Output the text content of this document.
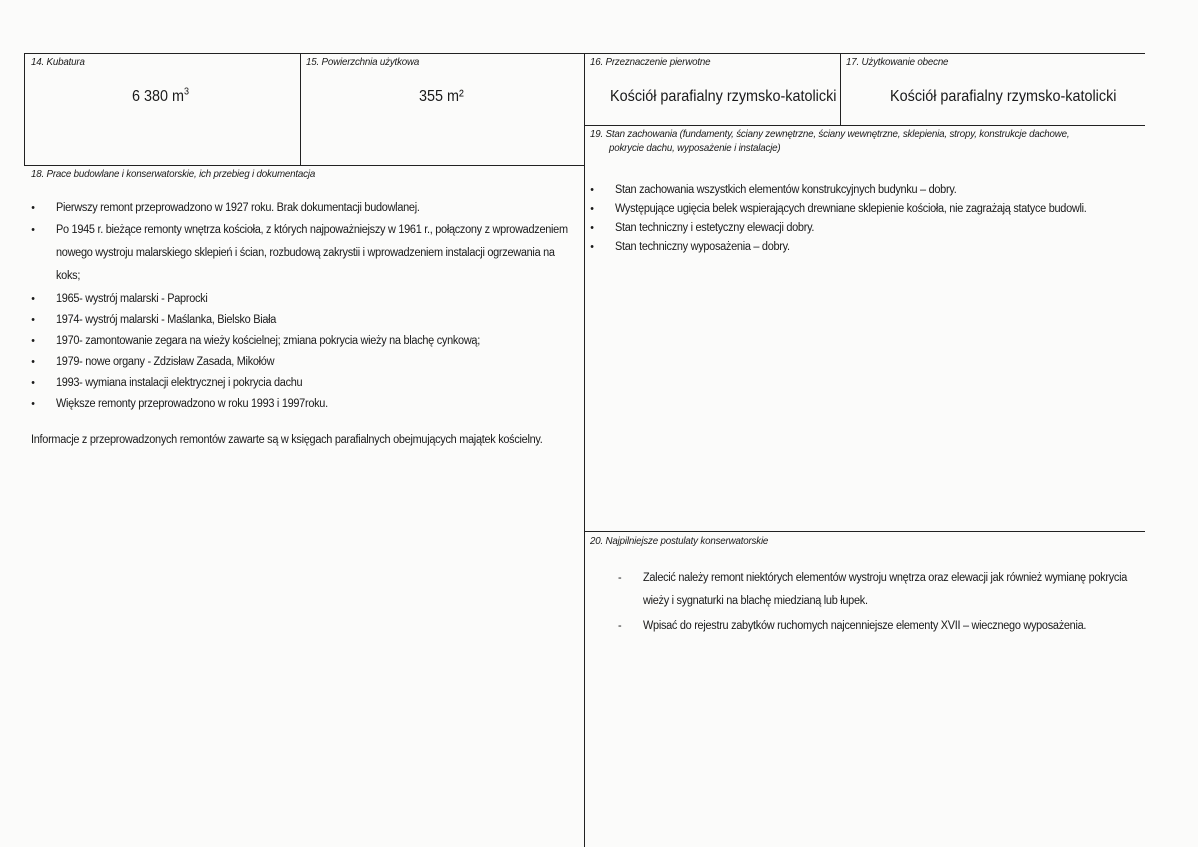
14. Kubatura
6 380 $m^3$
15. Powierzchnia użytkowa
355 m²
16. Przeznaczenie pierwotne
Kościół parafialny rzymsko-katolicki
17. Użytkowanie obecne
Kościół parafialny rzymsko-katolicki
19. Stan zachowania (fundamenty, ściany zewnętrzne, ściany wewnętrzne, sklepienia, stropy, konstrukcje dachowe,
pokrycie dachu, wyposażenie i instalacje)
• Stan zachowania wszystkich elementów konstrukcyjnych budynku – dobry.
• Występujące ugięcia belek wspierających drewniane sklepienie kościoła, nie zagrażają statyce budowli.
• Stan techniczny i estetyczny elewacji dobry.
• Stan techniczny wyposażenia – dobry.
18. Prace budowlane i konserwatorskie, ich przebieg i dokumentacja
• Pierwszy remont przeprowadzono w 1927 roku. Brak dokumentacji budowlanej.
• Po 1945 r. bieżące remonty wnętrza kościoła, z których najpoważniejszy w 1961 r., połączony z wprowadzeniem
nowego wystroju malarskiego sklepień i ścian, rozbudową zakrystii i wprowadzeniem instalacji ogrzewania na
koks;
• 1965- wystrój malarski - Paprocki
• 1974- wystrój malarski - Maślanka, Bielsko Biała
• 1970- zamontowanie zegara na wieży kościelnej; zmiana pokrycia wieży na blachę cynkową;
• 1979- nowe organy - Zdzisław Zasada, Mikołów
• 1993- wymiana instalacji elektrycznej i pokrycia dachu
• Większe remonty przeprowadzono w roku 1993 i 1997roku.
Informacje z przeprowadzonych remontów zawarte są w księgach parafialnych obejmujących majątek kościelny.
20. Najpilniejsze postulaty konserwatorskie
- Zalecić należy remont niektórych elementów wystroju wnętrza oraz elewacji jak również wymianę pokrycia
wieży i sygnaturki na blachę miedzianą lub łupek.
- Wpisać do rejestru zabytków ruchomych najcenniejsze elementy XVII – wiecznego wyposażenia.
